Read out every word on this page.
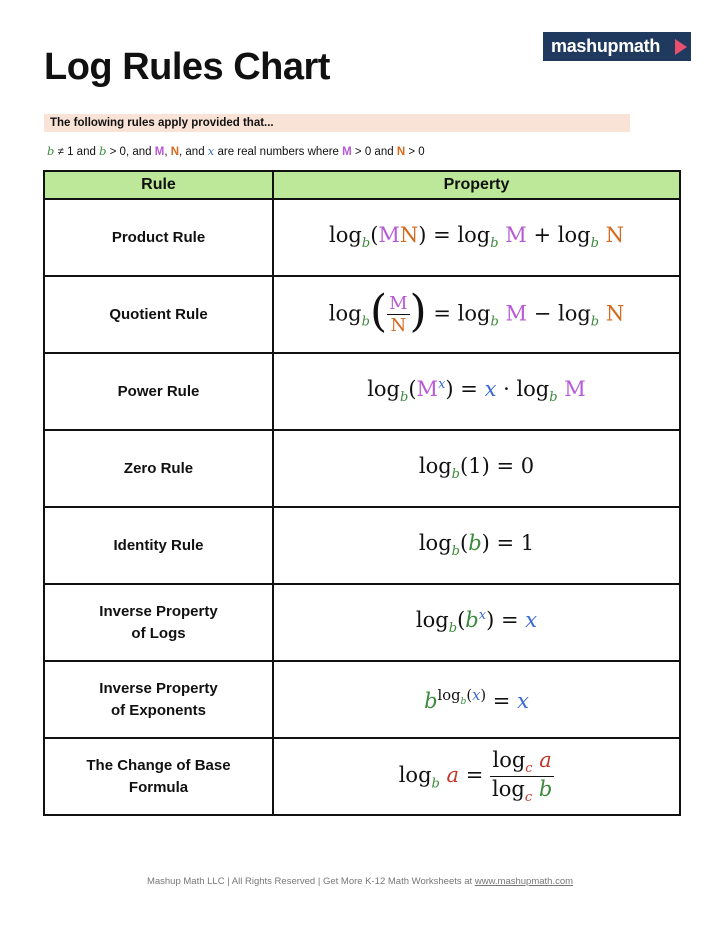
mashupmath
Log Rules Chart
The following rules apply provided that...
b ≠ 1 and b > 0, and M, N, and x are real numbers where M > 0 and N > 0
Rule	Property
Product Rule	$\log_b(MN) = \log_b M + \log_b N$
Quotient Rule	$\log_b( \frac{M}{N}$ ) = $\log_b M - \log_b N$
Power Rule	$\log_b(M^x) = x \cdot \log_b M$
Zero Rule	$\log_b(1) = 0$
Identity Rule	$\log_b(b) = 1$
Inverse Property
of Logs	$\log_b(b^x) = x$
Inverse Property
of Exponents	$b^{log_b(x)} = x$
The Change of Base
Formula	$\log_b a = \frac{\log_c a}{\log_c b}$
Mashup Math LLC | All Rights Reserved | Get More K-12 Math Worksheets at www.mashupmath.com
